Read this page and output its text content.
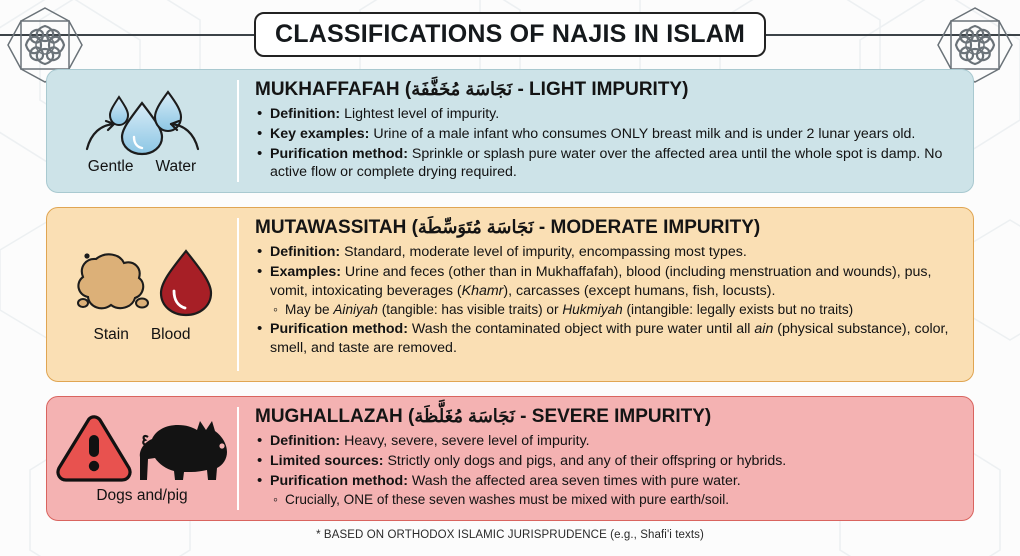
CLASSIFICATIONS OF NAJIS IN ISLAM
Gentle Water
MUKHAFFAFAH (نَجَاسَة مُخَفَّفَة - LIGHT IMPURITY)
• Definition: Lightest level of impurity.
• Key examples: Urine of a male infant who consumes ONLY breast milk and is under 2 lunar years old.
• Purification method: Sprinkle or splash pure water over the affected area until the whole spot is damp. No active flow or complete drying required.
Stain Blood
MUTAWASSITAH (نَجَاسَة مُتَوَسِّطَة - MODERATE IMPURITY)
• Definition: Standard, moderate level of impurity, encompassing most types.
• Examples: Urine and feces (other than in Mukhaffafah), blood (including menstruation and wounds), pus, vomit, intoxicating beverages (Khamr), carcasses (except humans, fish, locusts).
◦ May be Ainiyah (tangible: has visible traits) or Hukmiyah (intangible: legally exists but no traits)
• Purification method: Wash the contaminated object with pure water until all ain (physical substance), color, smell, and taste are removed.
Dogs and/pig
MUGHALLAZAH (نَجَاسَة مُغَلَّظَة - SEVERE IMPURITY)
• Definition: Heavy, severe, severe level of impurity.
• Limited sources: Strictly only dogs and pigs, and any of their offspring or hybrids.
• Purification method: Wash the affected area seven times with pure water.
◦ Crucially, ONE of these seven washes must be mixed with pure earth/soil.
* BASED ON ORTHODOX ISLAMIC JURISPRUDENCE (e.g., Shafi'i texts)
